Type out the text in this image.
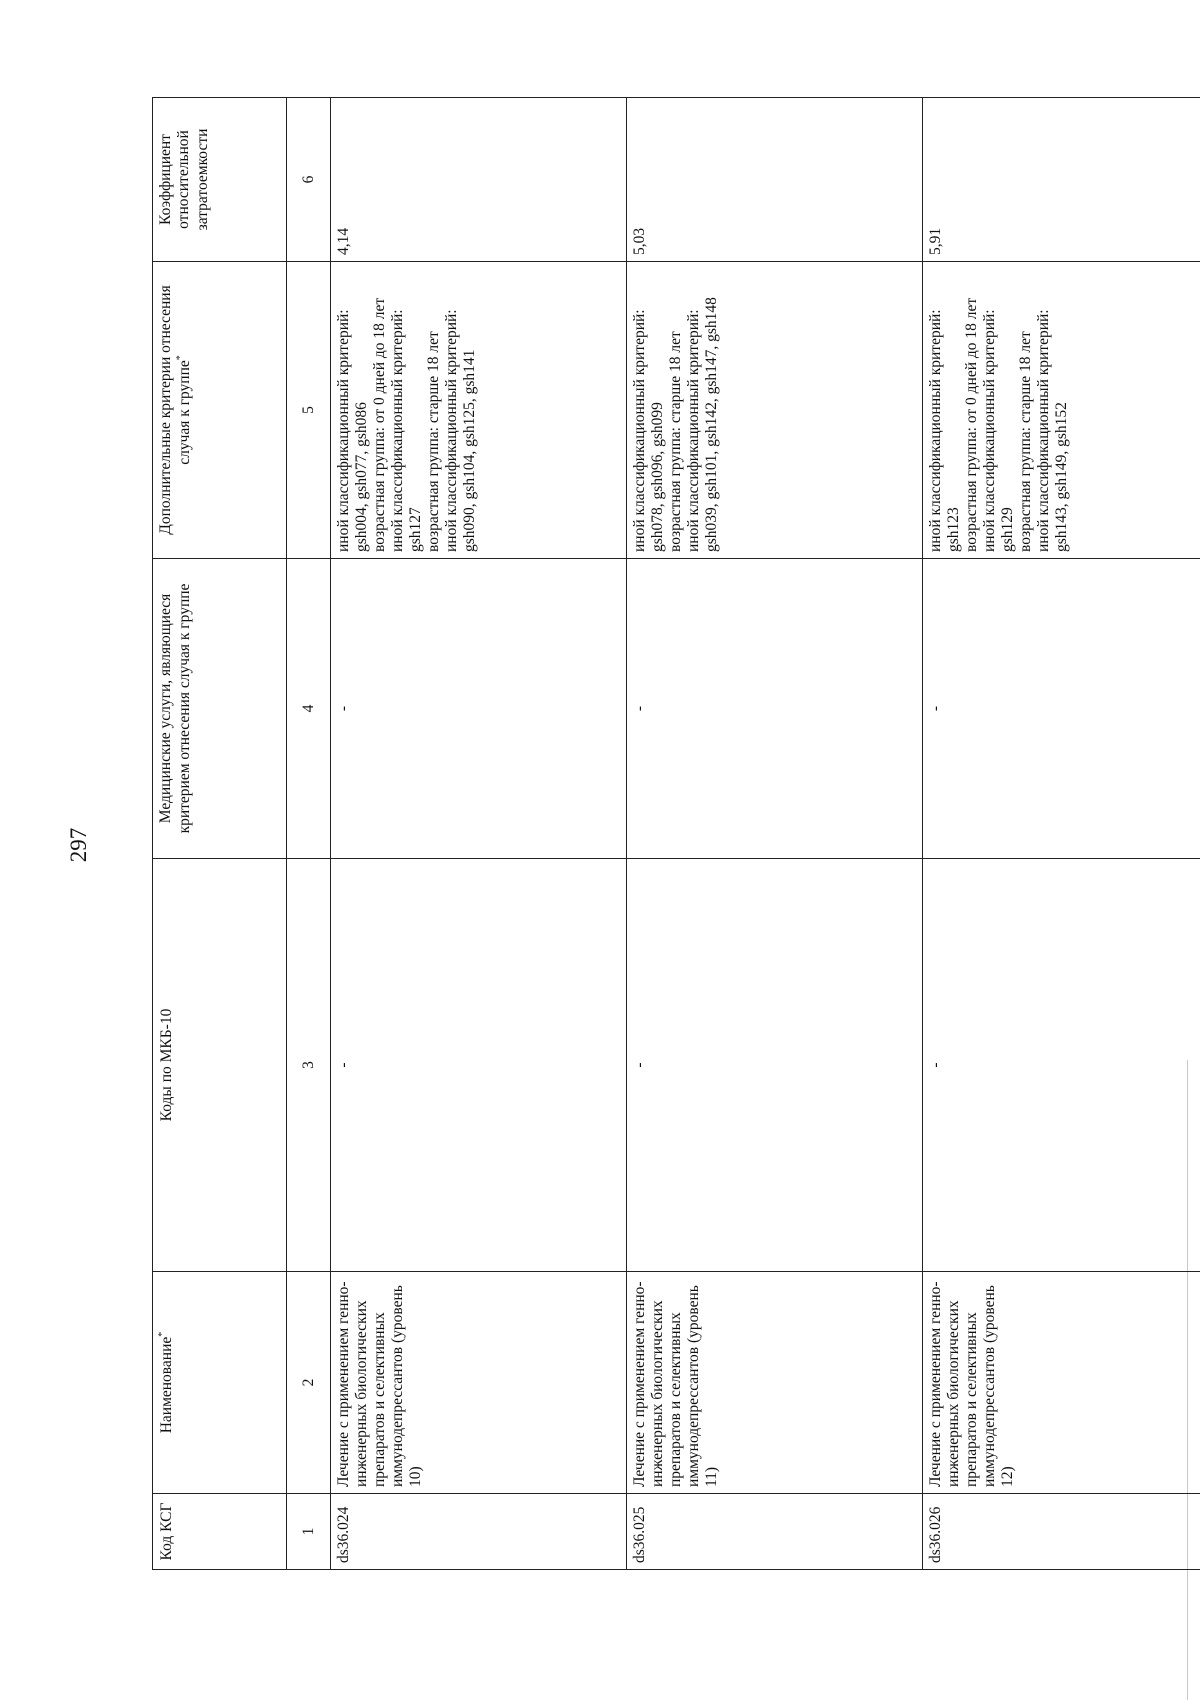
297
Код КСГ	Наименование*	Коды по МКБ-10	Медицинские услуги, являющиеся критерием отнесения случая к группе	Дополнительные критерии отнесения случая к группе*	Коэффициент относительной затратоемкости
1	2	3	4	5	6
ds36.024	Лечение с применением генно-инженерных биологических препаратов и селективных иммунодепрессантов (уровень 10)	-	-	иной классификационный критерий: gsh004, gsh077, gsh086 возрастная группа: от 0 дней до 18 лет иной классификационный критерий: gsh127 возрастная группа: старше 18 лет иной классификационный критерий: gsh090, gsh104, gsh125, gsh141	4,14
ds36.025	Лечение с применением генно-инженерных биологических препаратов и селективных иммунодепрессантов (уровень 11)	-	-	иной классификационный критерий: gsh078, gsh096, gsh099 возрастная группа: старше 18 лет иной классификационный критерий: gsh039, gsh101, gsh142, gsh147, gsh148	5,03
ds36.026	Лечение с применением генно-инженерных биологических препаратов и селективных иммунодепрессантов (уровень 12)	-	-	иной классификационный критерий: gsh123 возрастная группа: от 0 дней до 18 лет иной классификационный критерий: gsh129 возрастная группа: старше 18 лет иной классификационный критерий: gsh143, gsh149, gsh152	5,91
